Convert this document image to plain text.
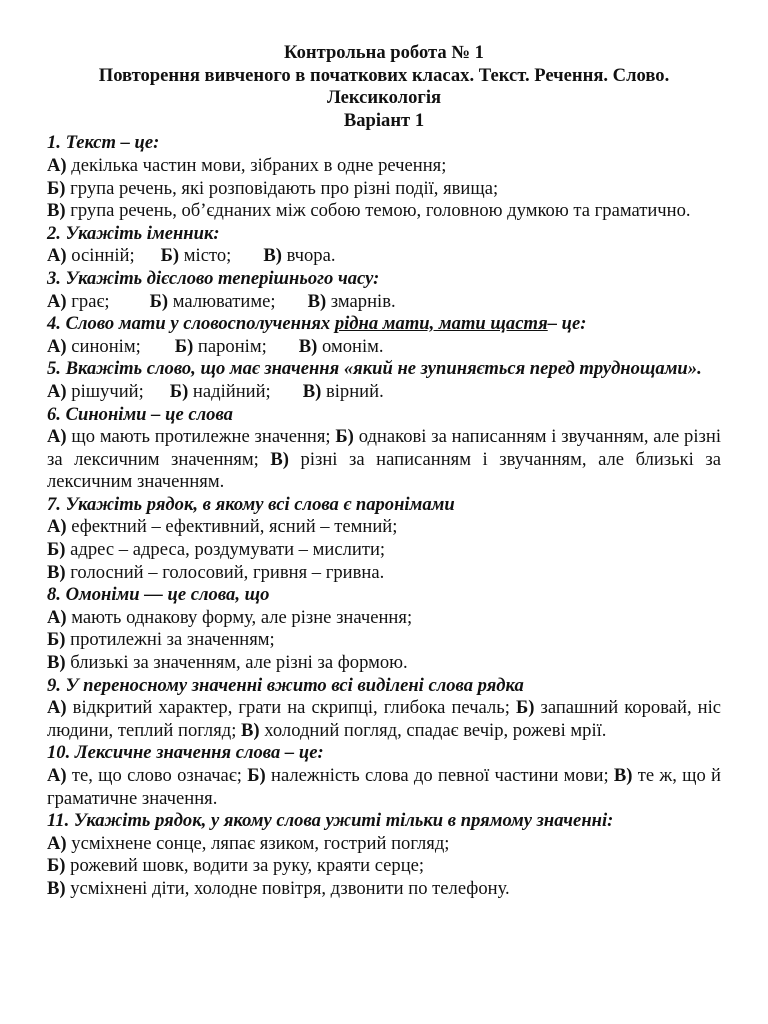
Контрольна робота № 1

Повторення вивченого в початкових класах. Текст. Речення. Слово.

Лексикологія

Варіант 1

1. Текст – це:

А) декілька частин мови, зібраних в одне речення;

Б) група речень, які розповідають про різні події, явища;

В) група речень, об’єднаних між собою темою, головною думкою та граматично.

2. Укажіть іменник:

А) осінній; Б) місто; В) вчора.

3. Укажіть дієслово теперішнього часу:

А) грає; Б) малюватиме; В) змарнів.

4. Слово мати у словосполученнях рідна мати, мати щастя– це:

А) синонім; Б) паронім; В) омонім.

5. Вкажіть слово, що має значення «який не зупиняється перед труднощами».

А) рішучий; Б) надійний; В) вірний.

6. Синоніми – це слова

А) що мають протилежне значення; Б) однакові за написанням і звучанням, але різні за лексичним значенням; В) різні за написанням і звучанням, але близькі за лексичним значенням.

7. Укажіть рядок, в якому всі слова є паронімами

А) ефектний – ефективний, ясний – темний;

Б) адрес – адреса, роздумувати – мислити;

В) голосний – голосовий, гривня – гривна.

8. Омоніми — це слова, що

А) мають однакову форму, але різне значення;

Б) протилежні за значенням;

В) близькі за значенням, але різні за формою.

9. У переносному значенні вжито всі виділені слова рядка

А) відкритий характер, грати на скрипці, глибока печаль; Б) запашний коровай, ніс людини, теплий погляд; В) холодний погляд, спадає вечір, рожеві мрії.

10. Лексичне значення слова – це:

А) те, що слово означає; Б) належність слова до певної частини мови; В) те ж, що й граматичне значення.

11. Укажіть рядок, у якому слова ужиті тільки в прямому значенні:

А) усміхнене сонце, ляпає язиком, гострий погляд;

Б) рожевий шовк, водити за руку, краяти серце;

В) усміхнені діти, холодне повітря, дзвонити по телефону.
